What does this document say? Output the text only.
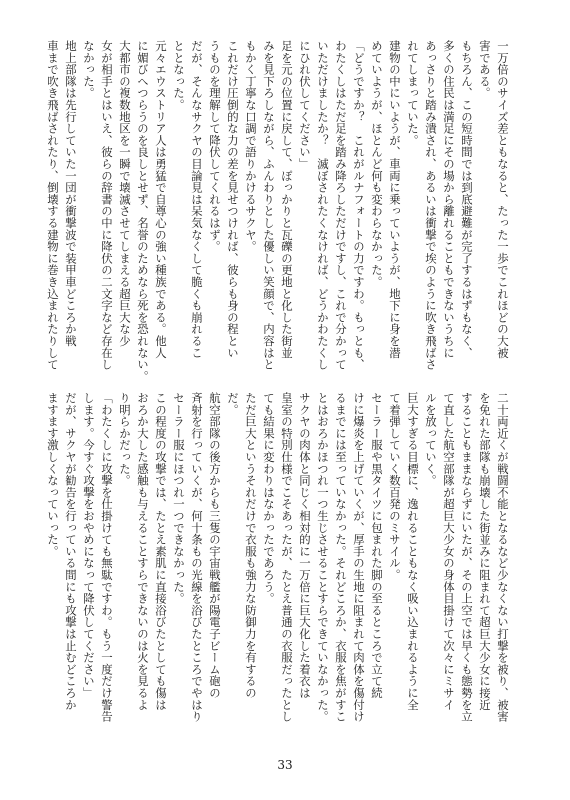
一万倍のサイズ差ともなると、たった一歩でこれほどの大被
害である。
もちろん、この短時間では到底避難が完了するはずもなく、
多くの住民は満足にその場から離れることもできないうちに
あっさりと踏み潰され、あるいは衝撃で埃のように吹き飛ばさ
れてしまっていた。
建物の中にいようが、車両に乗っていようが、地下に身を潜
めていようが、ほとんど何も変わらなかった。
「どうですか？　これがルナフォートの力ですわ。もっとも、
わたくしはただ足を踏み降ろしただけですし、これで分かって
いただけましたか？　滅ぼされたくなければ、どうかわたくし
にひれ伏してください」
足を元の位置に戻して、ぽっかりと瓦礫の更地と化した街並
みを見下ろしながら、ふんわりとした優しい笑顔で、内容はと
もかく丁寧な口調で語りかけるサクヤ。
これだけ圧倒的な力の差を見せつければ、彼らも身の程とい
うものを理解して降伏してくれるはず。
だが、そんなサクヤの目論見は呆気なくして脆くも崩れるこ
ととなった。
元々エウストリア人は勇猛で自尊心の強い種族である。他人
に媚びへつらうのを良しとせず、名誉のためなら死を恐れない。
大都市の複数地区を一瞬で壊滅させてしまえる超巨大な少
女が相手とはいえ、彼らの辞書の中に降伏の二文字など存在し
なかった。
地上部隊は先行していた一団が衝撃波で装甲車どころか戦
車まで吹き飛ばされたり、倒壊する建物に巻き込まれたりして
二十両近くが戦闘不能となるなど少なくない打撃を被り、被害
を免れた部隊も崩壊した街並みに阻まれて超巨大少女に接近
することもままならずにいたが、その上空では早くも態勢を立
て直した航空部隊が超巨大少女の身体目掛けて次々にミサイ
ルを放っていく。
巨大すぎる目標に、逸れることもなく吸い込まれるように全
て着弾していく数百発のミサイル。
セーラー服や黒タイツに包まれた脚の至るところで立て続
けに爆炎を上げていくが、厚手の生地に阻まれて肉体を傷付け
るまでには至っていなかった。それどころか、衣服を焦がすこ
とはおろかほつれ一つ生じさせることすらできていなかった。
サクヤの肉体と同じく相対的に一万倍に巨大化した着衣は
皇室の特別仕様でこそあったが、たとえ普通の衣服だったとし
ても結果に変わりはなかったであろう。
ただ巨大というそれだけで衣服も強力な防御力を有するの
だ。
航空部隊の後方からも三隻の宇宙戦艦が陽電子ビーム砲の
斉射を行っていくが、何十条もの光線を浴びたところでやはり
セーラー服にほつれ一つできなかった。
この程度の攻撃では、たとえ素肌に直接浴びたとしても傷は
おろか大した感触も与えることすらできないのは火を見るよ
り明らかだった。
「わたくしに攻撃を仕掛けても無駄ですわ。もう一度だけ警告
します。今すぐ攻撃をおやめになって降伏してください」
だが、サクヤが勧告を行っている間にも攻撃は止むどころか
ますます激しくなっていった。
33
